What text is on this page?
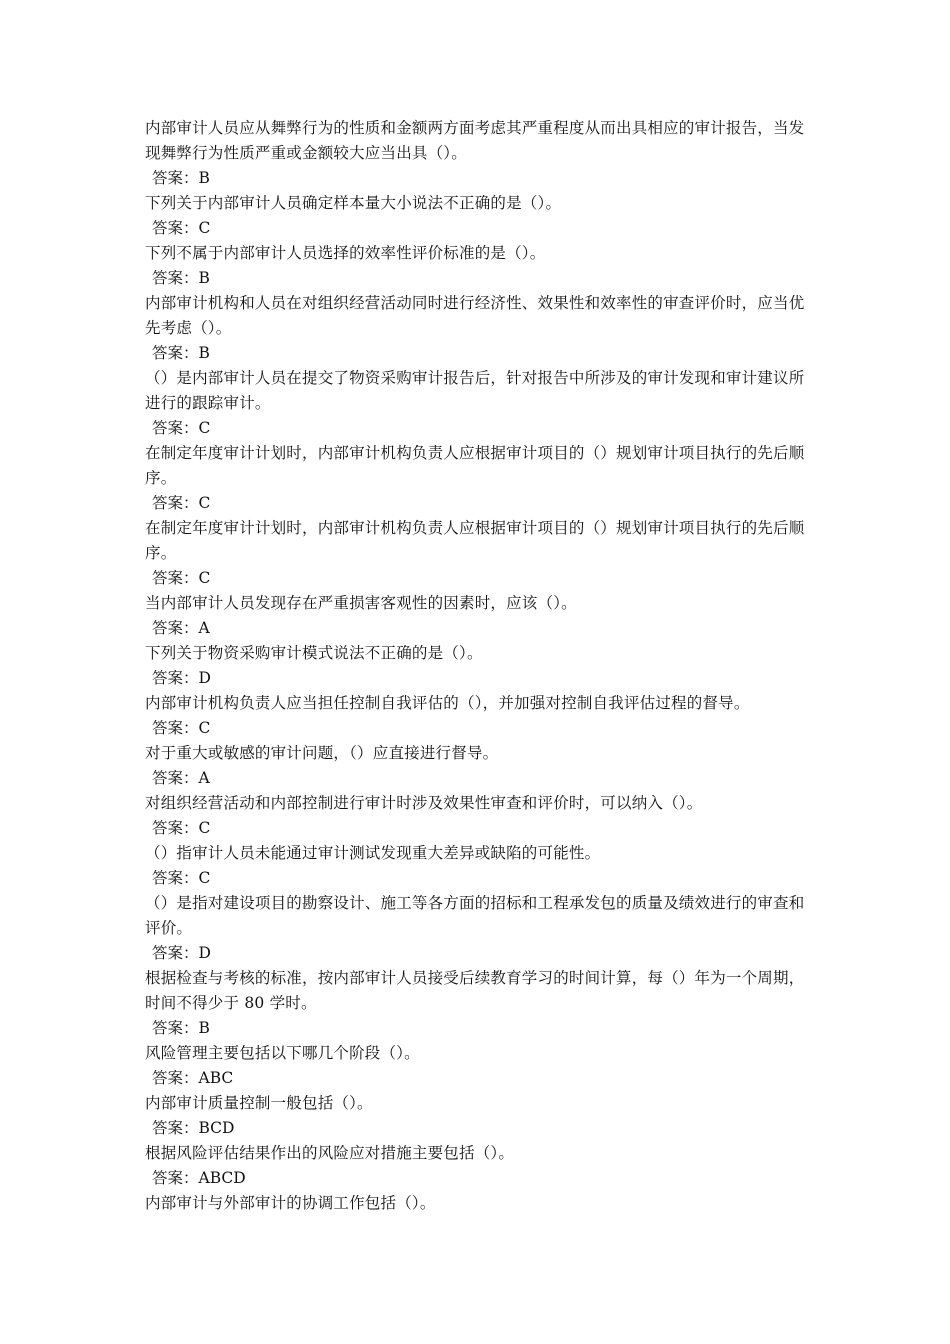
内部审计人员应从舞弊行为的性质和金额两方面考虑其严重程度从而出具相应的审计报告，当发现舞弊行为性质严重或金额较大应当出具（）。

答案：B

下列关于内部审计人员确定样本量大小说法不正确的是（）。

答案：C

下列不属于内部审计人员选择的效率性评价标准的是（）。

答案：B

内部审计机构和人员在对组织经营活动同时进行经济性、效果性和效率性的审查评价时，应当优先考虑（）。

答案：B

（）是内部审计人员在提交了物资采购审计报告后，针对报告中所涉及的审计发现和审计建议所进行的跟踪审计。

答案：C

在制定年度审计计划时，内部审计机构负责人应根据审计项目的（）规划审计项目执行的先后顺序。

答案：C

在制定年度审计计划时，内部审计机构负责人应根据审计项目的（）规划审计项目执行的先后顺序。

答案：C

当内部审计人员发现存在严重损害客观性的因素时，应该（）。

答案：A

下列关于物资采购审计模式说法不正确的是（）。

答案：D

内部审计机构负责人应当担任控制自我评估的（），并加强对控制自我评估过程的督导。

答案：C

对于重大或敏感的审计问题，（）应直接进行督导。

答案：A

对组织经营活动和内部控制进行审计时涉及效果性审查和评价时，可以纳入（）。

答案：C

（）指审计人员未能通过审计测试发现重大差异或缺陷的可能性。

答案：C

（）是指对建设项目的勘察设计、施工等各方面的招标和工程承发包的质量及绩效进行的审查和评价。

答案：D

根据检查与考核的标准，按内部审计人员接受后续教育学习的时间计算，每（）年为一个周期，时间不得少于 80 学时。

答案：B

风险管理主要包括以下哪几个阶段（）。

答案：ABC

内部审计质量控制一般包括（）。

答案：BCD

根据风险评估结果作出的风险应对措施主要包括（）。

答案：ABCD

内部审计与外部审计的协调工作包括（）。
